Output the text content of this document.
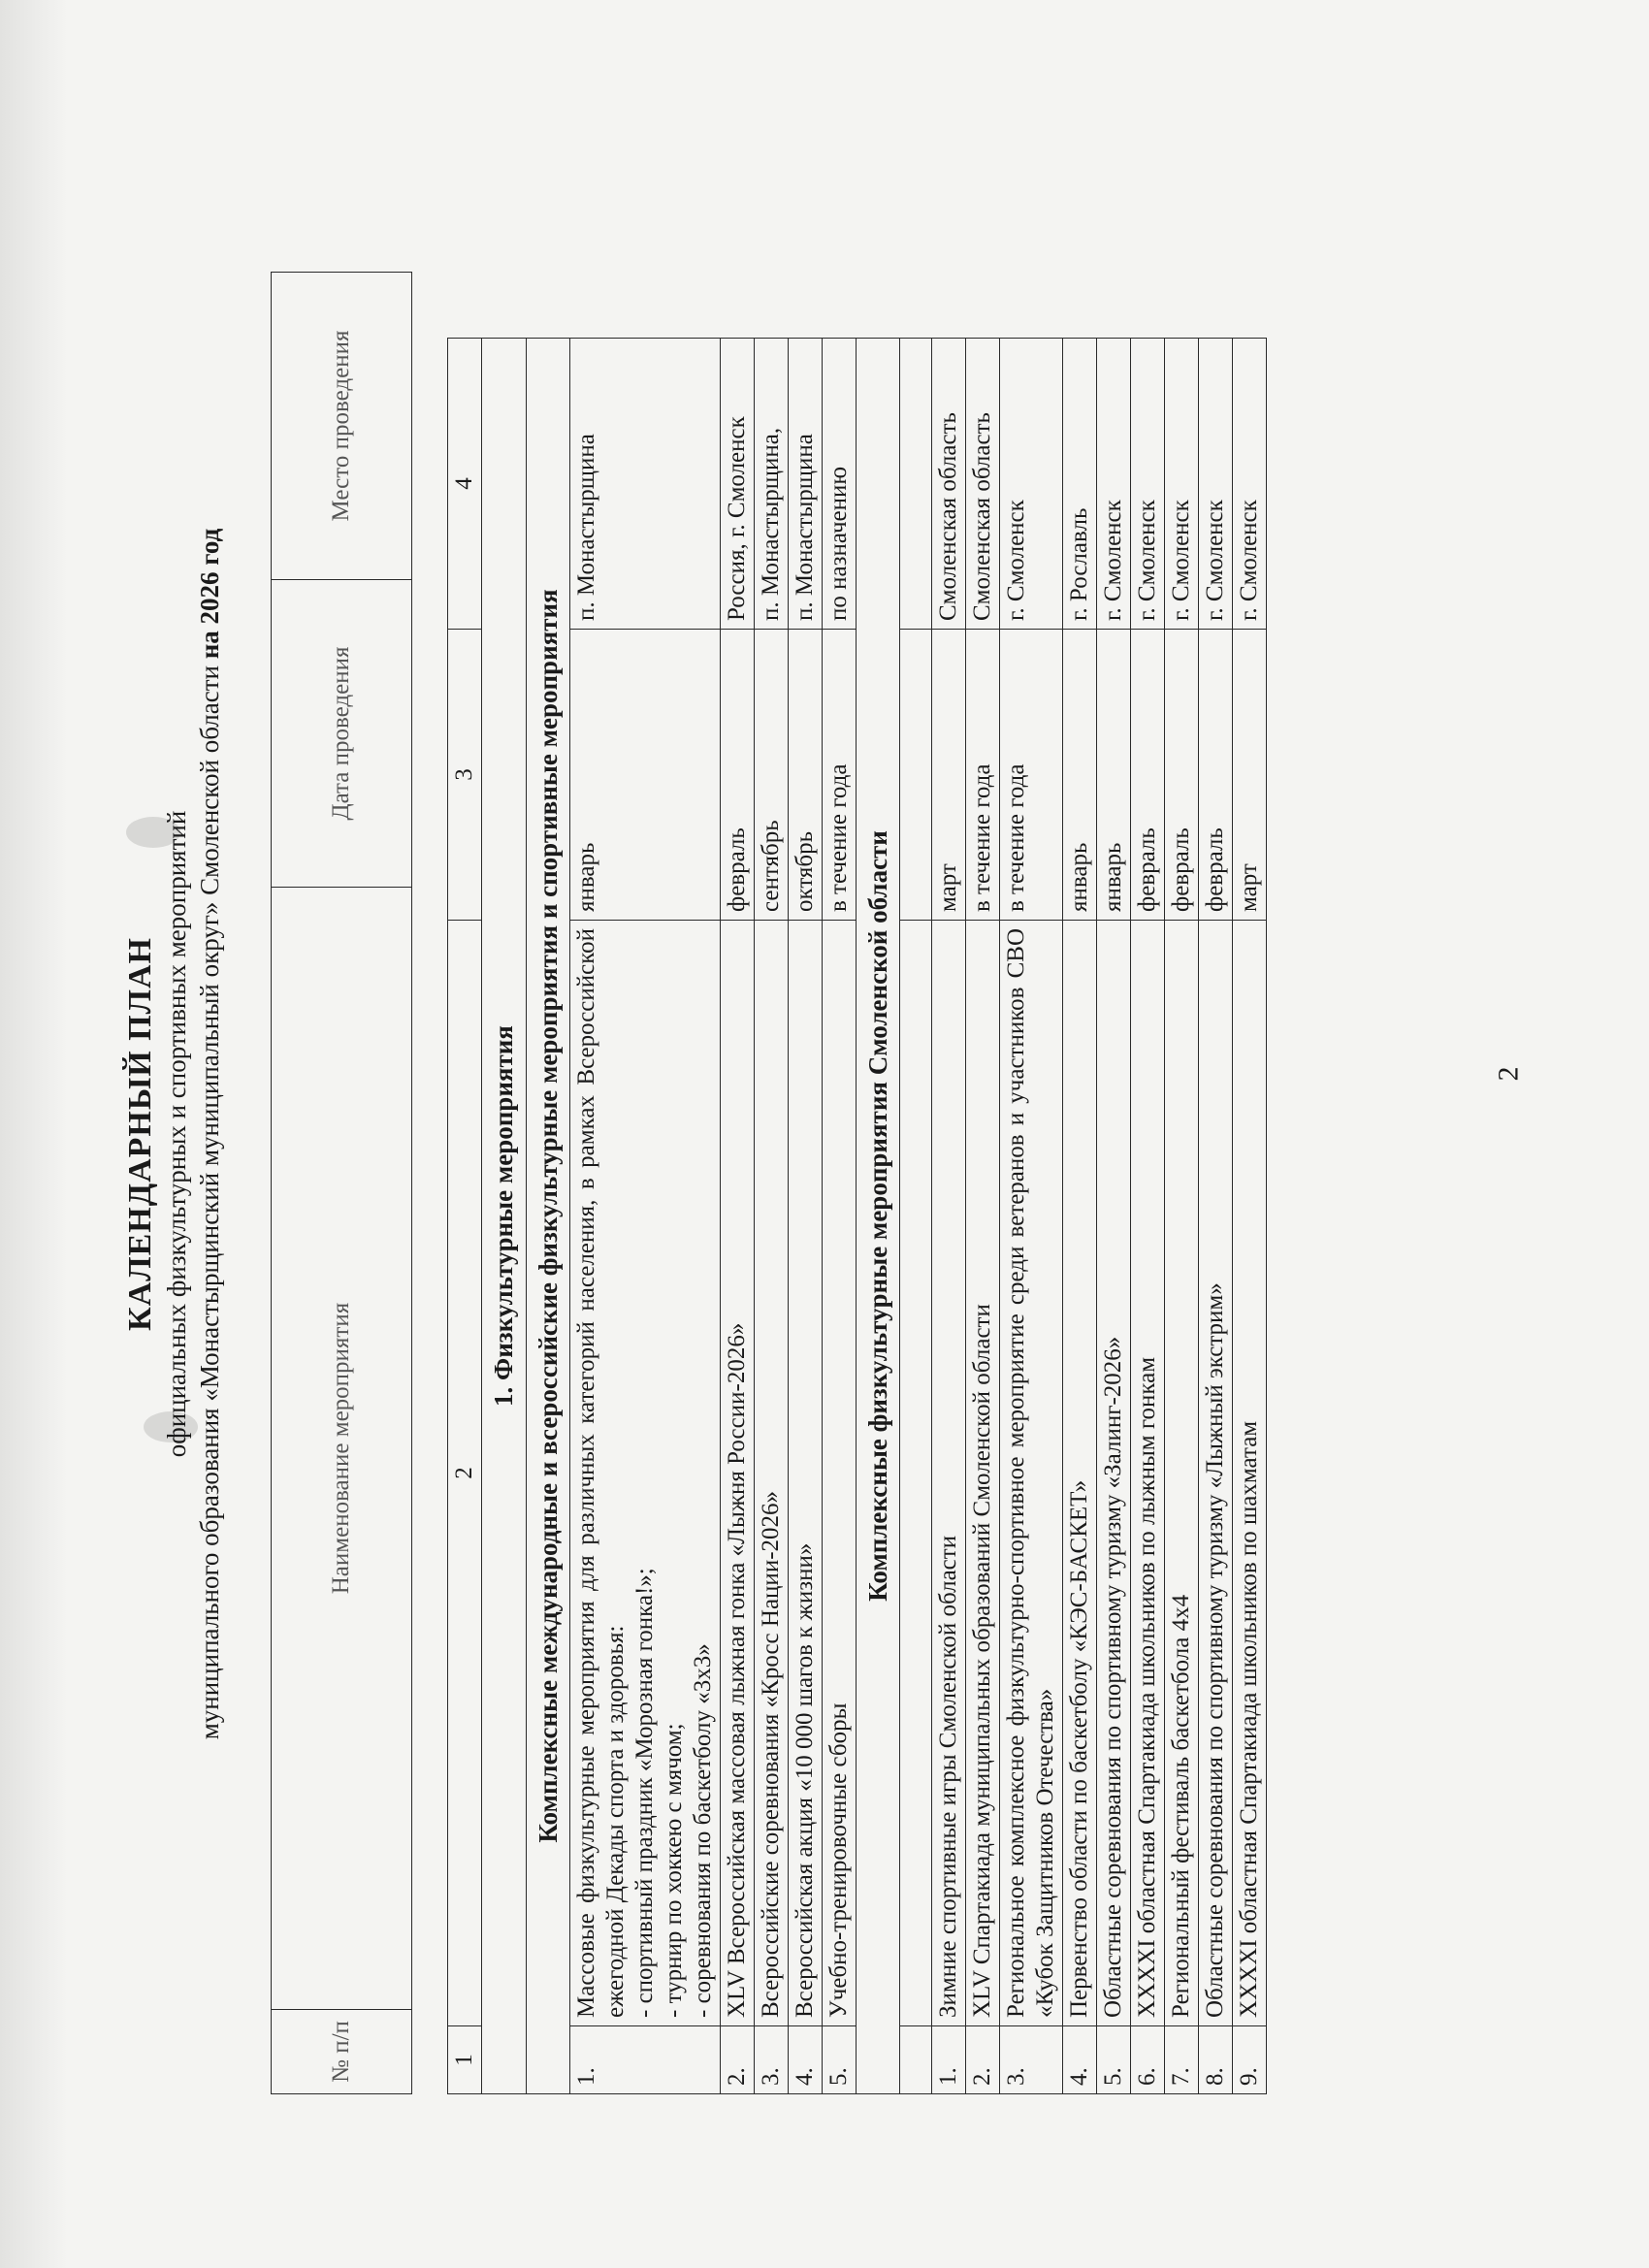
2
КАЛЕНДАРНЫЙ ПЛАН официальных физкультурных и спортивных мероприятий муниципального образования «Монастырщинский муниципальный округ» Смоленской области на 2026 год
№ п/п	Наименование мероприятия	Дата проведения	Место проведения
1	2	3	4
1. Физкультурные мероприятия			
Комплексные международные и всероссийские физкультурные мероприятия и спортивные мероприятия			
1.	Массовые физкультурные мероприятия для различных категорий населения, в рамках Всероссийской ежегодной Декады спорта и здоровья: - спортивный праздник «Морозная гонка!»; - турнир по хоккею с мячом; - соревнования по баскетболу «3х3»	январь	п. Монастырщина
2.	XLV Всероссийская массовая лыжная гонка «Лыжня России-2026»	февраль	Россия, г. Смоленск
3.	Всероссийские соревнования «Кросс Нации-2026»	сентябрь	п. Монастырщина,
4.	Всероссийская акция «10 000 шагов к жизни»	октябрь	п. Монастырщина
5.	Учебно-тренировочные сборы	в течение года	по назначению
Комплексные физкультурные мероприятия Смоленской области			

1.	Зимние спортивные игры Смоленской области	март	Смоленская область
2.	XLV Спартакиада муниципальных образований Смоленской области	в течение года	Смоленская область
3.	Региональное комплексное физкультурно-спортивное мероприятие среди ветеранов и участников СВО «Кубок Защитников Отечества»	в течение года	г. Смоленск
4.	Первенство области по баскетболу «КЭС-БАСКЕТ»	январь	г. Рославль
5.	Областные соревнования по спортивному туризму «Залинг-2026»	январь	г. Смоленск
6.	XXXXI областная Спартакиада школьников по лыжным гонкам	февраль	г. Смоленск
7.	Региональный фестиваль баскетбола 4х4	февраль	г. Смоленск
8.	Областные соревнования по спортивному туризму «Лыжный экстрим»	февраль	г. Смоленск
9.	XXXXI областная Спартакиада школьников по шахматам	март	г. Смоленск
